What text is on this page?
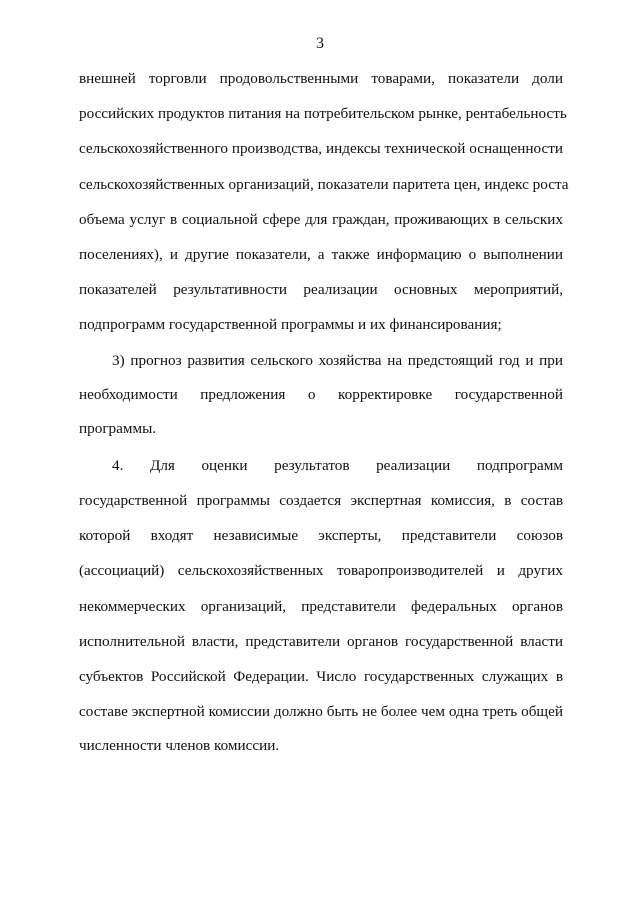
3
внешней торговли продовольственными товарами, показатели доли
российских продуктов питания на потребительском рынке, рентабельность
сельскохозяйственного производства, индексы технической оснащенности
сельскохозяйственных организаций, показатели паритета цен, индекс роста
объема услуг в социальной сфере для граждан, проживающих в сельских
поселениях), и другие показатели, а также информацию о выполнении
показателей результативности реализации основных мероприятий,
подпрограмм государственной программы и их финансирования;
3) прогноз развития сельского хозяйства на предстоящий год и при
необходимости предложения о корректировке государственной
программы.
4. Для оценки результатов реализации подпрограмм
государственной программы создается экспертная комиссия, в состав
которой входят независимые эксперты, представители союзов
(ассоциаций) сельскохозяйственных товаропроизводителей и других
некоммерческих организаций, представители федеральных органов
исполнительной власти, представители органов государственной власти
субъектов Российской Федерации. Число государственных служащих в
составе экспертной комиссии должно быть не более чем одна треть общей
численности членов комиссии.
